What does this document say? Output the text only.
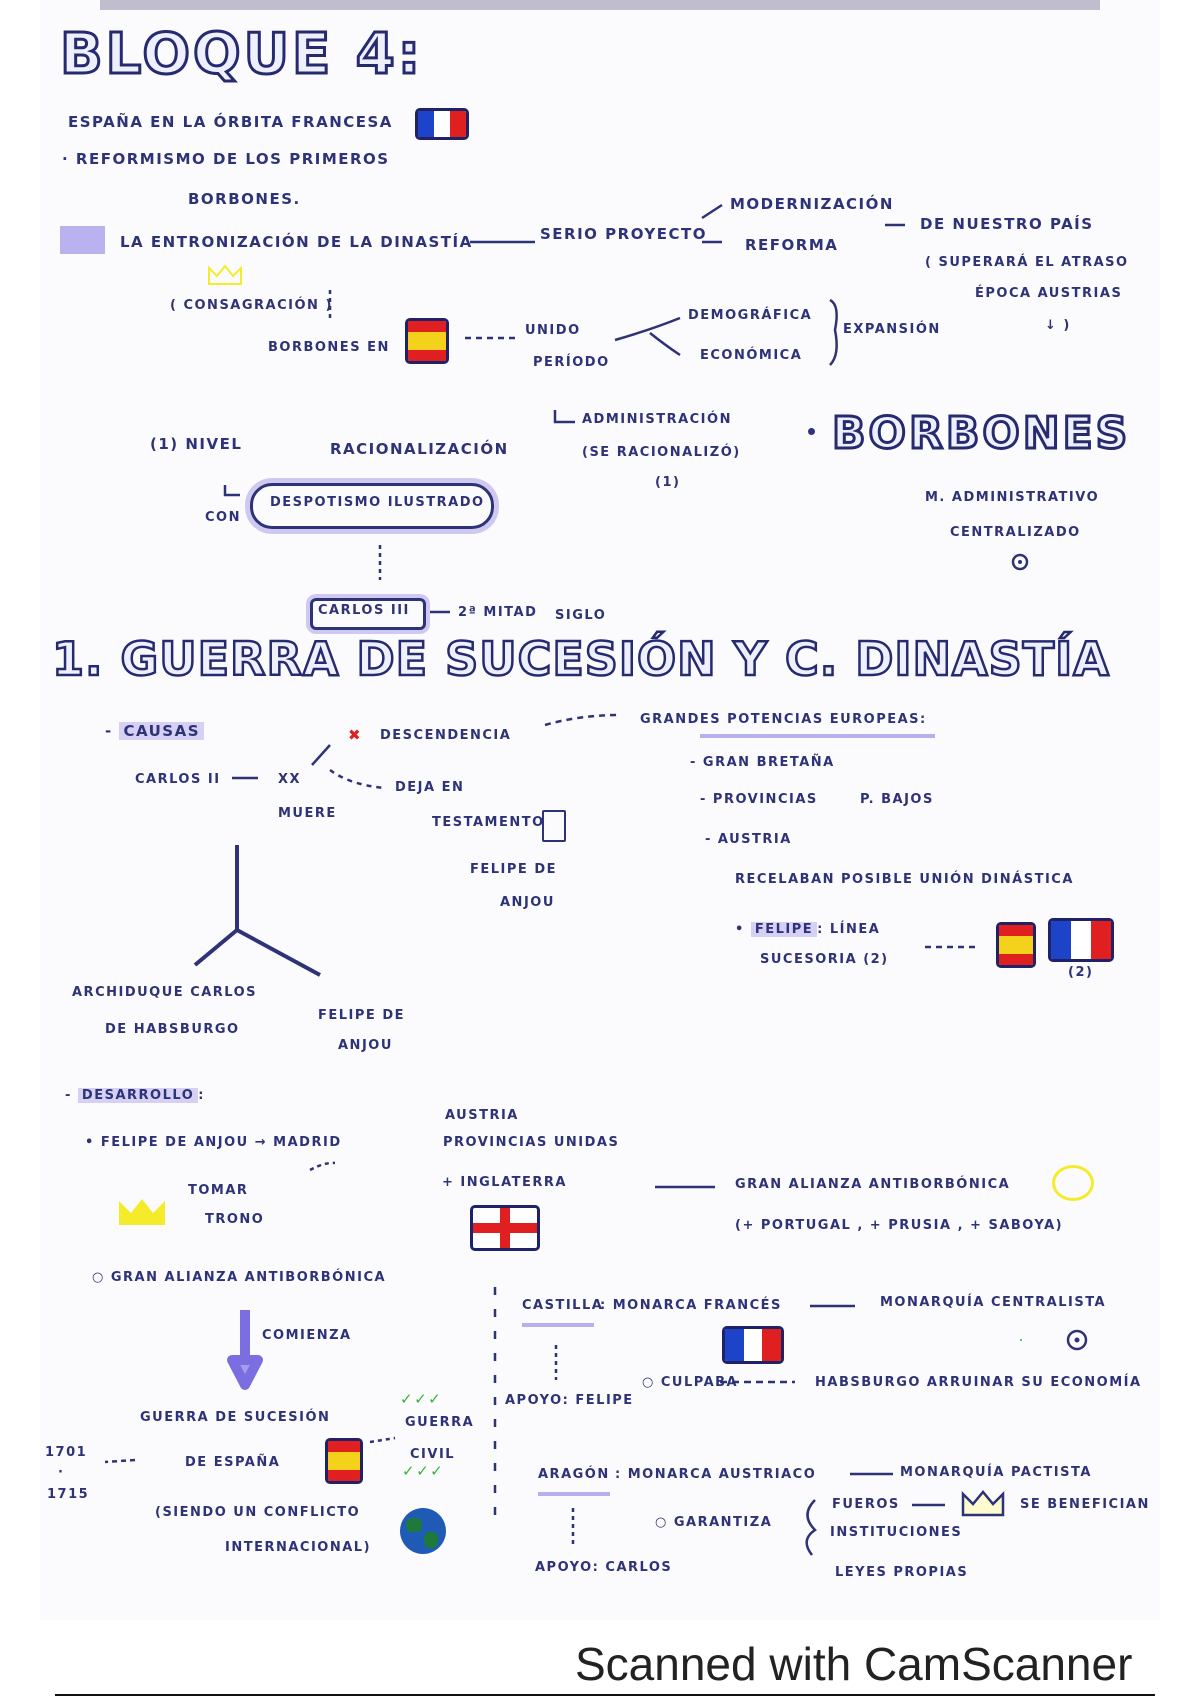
BLOQUE 4:
ESPAÑA EN LA ÓRBITA FRANCESA
· REFORMISMO DE LOS PRIMEROS
BORBONES.
LA ENTRONIZACIÓN DE LA DINASTÍA	SERIO PROYECTO
MODERNIZACIÓN
REFORMA
DE NUESTRO PAÍS
( SUPERARÁ EL ATRASO
ÉPOCA AUSTRIAS
↓ )
( CONSAGRACIÓN )
BORBONES EN
UNIDO
PERÍODO
DEMOGRÁFICA
ECONÓMICA
EXPANSIÓN
ADMINISTRACIÓN
(SE RACIONALIZÓ)
(1)
(1) NIVEL	RACIONALIZACIÓN
CON
DESPOTISMO ILUSTRADO
BORBONES
M. ADMINISTRATIVO
CENTRALIZADO
CARLOS III	2ª MITAD SIGLO
1. GUERRA DE SUCESIÓN Y C. DINASTÍA
- CAUSAS
CARLOS II	XX
MUERE
✖ DESCENDENCIA
DEJA EN
TESTAMENTO
FELIPE DE
ANJOU
GRANDES POTENCIAS EUROPEAS:
- GRAN BRETAÑA
- PROVINCIAS	P. BAJOS
- AUSTRIA
RECELABAN POSIBLE UNIÓN DINÁSTICA
• FELIPE : LÍNEA
SUCESORIA (2)
(2)
ARCHIDUQUE CARLOS
DE HABSBURGO
FELIPE DE
ANJOU
- DESARROLLO :
• FELIPE DE ANJOU → MADRID
TOMAR
TRONO
AUSTRIA
PROVINCIAS UNIDAS
+ INGLATERRA	GRAN ALIANZA ANTIBORBÓNICA
(+ PORTUGAL , + PRUSIA , + SABOYA)
○ GRAN ALIANZA ANTIBORBÓNICA
COMIENZA
GUERRA DE SUCESIÓN
DE ESPAÑA
1701
·
1715
(SIENDO UN CONFLICTO
INTERNACIONAL)
✓✓✓
GUERRA
CIVIL
✓✓✓
CASTILLA
: MONARCA FRANCÉS	MONARQUÍA CENTRALISTA
APOYO: FELIPE
○ CULPABA	HABSBURGO ARRUINAR SU ECONOMÍA
ARAGÓN : MONARCA AUSTRIACO	MONARQUÍA PACTISTA
○ GARANTIZA
FUEROS
INSTITUCIONES
LEYES PROPIAS
SE BENEFICIAN
APOYO: CARLOS
Scanned with CamScanner
